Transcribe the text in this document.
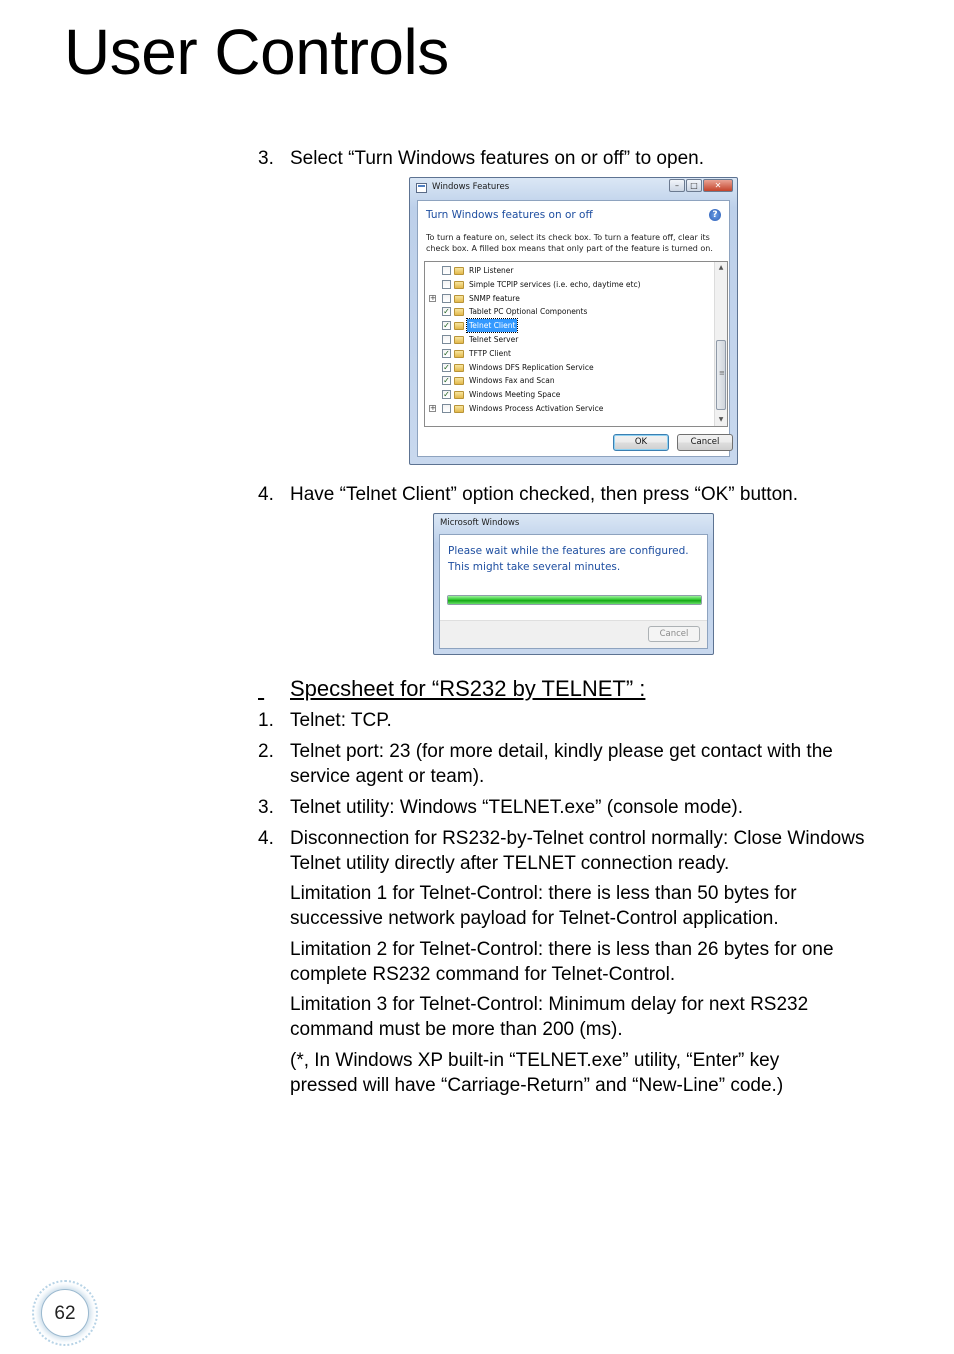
User Controls
3. Select “Turn Windows features on or off” to open.
Windows Features	–	□	✕
Turn Windows features on or off	?
To turn a feature on, select its check box. To turn a feature off, clear its check box. A filled box means that only part of the feature is turned on.
▲
≡
▼
RIP Listener
Simple TCPIP services (i.e. echo, daytime etc)
+	SNMP feature
✓	Tablet PC Optional Components
✓	Telnet Client
Telnet Server
✓	TFTP Client
✓	Windows DFS Replication Service
✓	Windows Fax and Scan
✓	Windows Meeting Space
+	Windows Process Activation Service
OK	Cancel
4. Have “Telnet Client” option checked, then press “OK” button.
Microsoft Windows
Please wait while the features are configured.
This might take several minutes.
Cancel
Specsheet for “RS232 by TELNET” :
1. Telnet: TCP.
2. Telnet port: 23 (for more detail, kindly please get contact with the service agent or team).
3. Telnet utility: Windows “TELNET.exe” (console mode).
4. Disconnection for RS232-by-Telnet control normally: Close Windows Telnet utility directly after TELNET connection ready.
Limitation 1 for Telnet-Control: there is less than 50 bytes for successive network payload for Telnet-Control application.
Limitation 2 for Telnet-Control: there is less than 26 bytes for one complete RS232 command for Telnet-Control.
Limitation 3 for Telnet-Control: Minimum delay for next RS232 command must be more than 200 (ms).
(*, In Windows XP built-in “TELNET.exe” utility, “Enter” key pressed will have “Carriage-Return” and “New-Line” code.)
62
